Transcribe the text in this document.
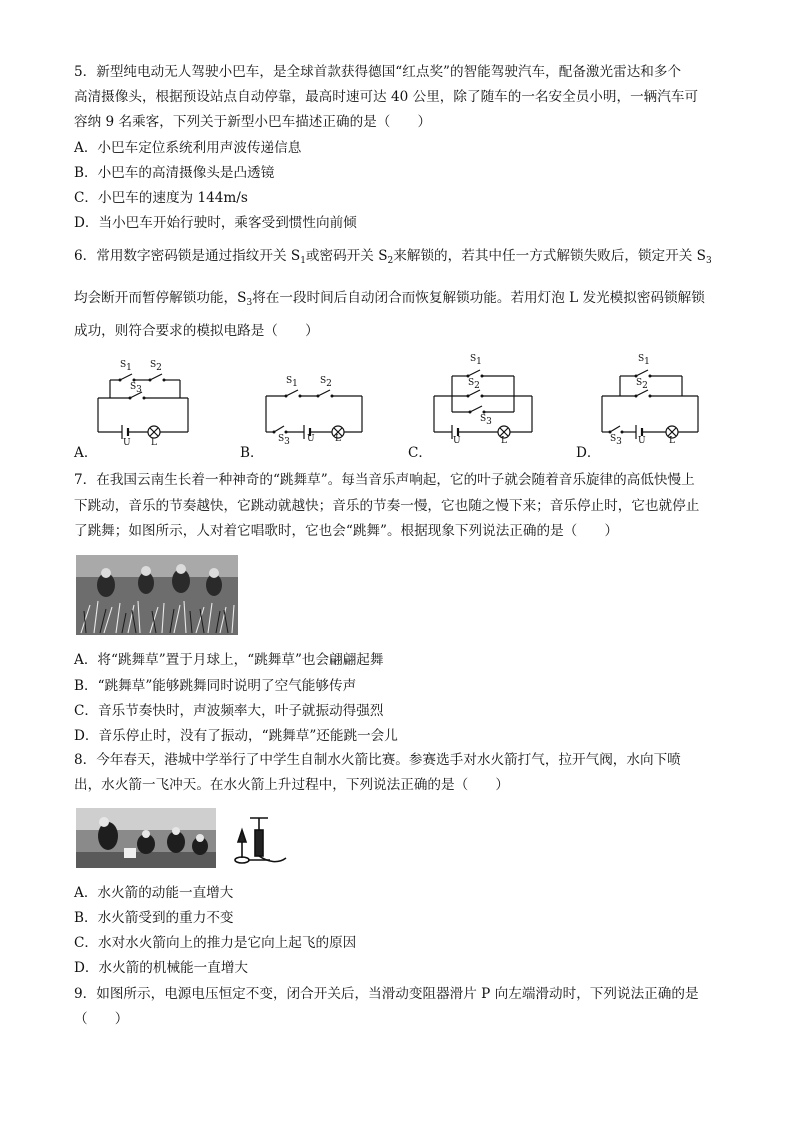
5．新型纯电动无人驾驶小巴车，是全球首款获得德国“红点奖”的智能驾驶汽车，配备激光雷达和多个
高清摄像头，根据预设站点自动停靠，最高时速可达 40 公里，除了随车的一名安全员小明，一辆汽车可
容纳 9 名乘客，下列关于新型小巴车描述正确的是（　　）
A．小巴车定位系统利用声波传递信息
B．小巴车的高清摄像头是凸透镜
C．小巴车的速度为 144m/s
D．当小巴车开始行驶时，乘客受到惯性向前倾
6．常用数字密码锁是通过指纹开关 $S_1$或密码开关 $S_2$来解锁的，若其中任一方式解锁失败后，锁定开关 $S_3$
均会断开而暂停解锁功能，$S_3$将在一段时间后自动闭合而恢复解锁功能。若用灯泡 L 发光模拟密码锁解锁
成功，则符合要求的模拟电路是（　　）
A．	B．	C．	D．
$S_1$ $S_2$
$S_3$
U L
$S_1$ $S_2$
$S_3$ U L
$S_1$
$S_2$
$S_3$
U	L
$S_1$
$S_2$
$S_3$ U	L
7．在我国云南生长着一种神奇的“跳舞草”。每当音乐声响起，它的叶子就会随着音乐旋律的高低快慢上
下跳动，音乐的节奏越快，它跳动就越快；音乐的节奏一慢，它也随之慢下来；音乐停止时，它也就停止
了跳舞；如图所示，人对着它唱歌时，它也会“跳舞”。根据现象下列说法正确的是（　　）
A．将“跳舞草”置于月球上，“跳舞草”也会翩翩起舞
B．“跳舞草”能够跳舞同时说明了空气能够传声
C．音乐节奏快时，声波频率大，叶子就振动得强烈
D．音乐停止时，没有了振动，“跳舞草”还能跳一会儿
8．今年春天，港城中学举行了中学生自制水火箭比赛。参赛选手对水火箭打气，拉开气阀，水向下喷
出，水火箭一飞冲天。在水火箭上升过程中，下列说法正确的是（　　）
A．水火箭的动能一直增大
B．水火箭受到的重力不变
C．水对水火箭向上的推力是它向上起飞的原因
D．水火箭的机械能一直增大
9．如图所示，电源电压恒定不变，闭合开关后，当滑动变阻器滑片 P 向左端滑动时，下列说法正确的是
（　　）
